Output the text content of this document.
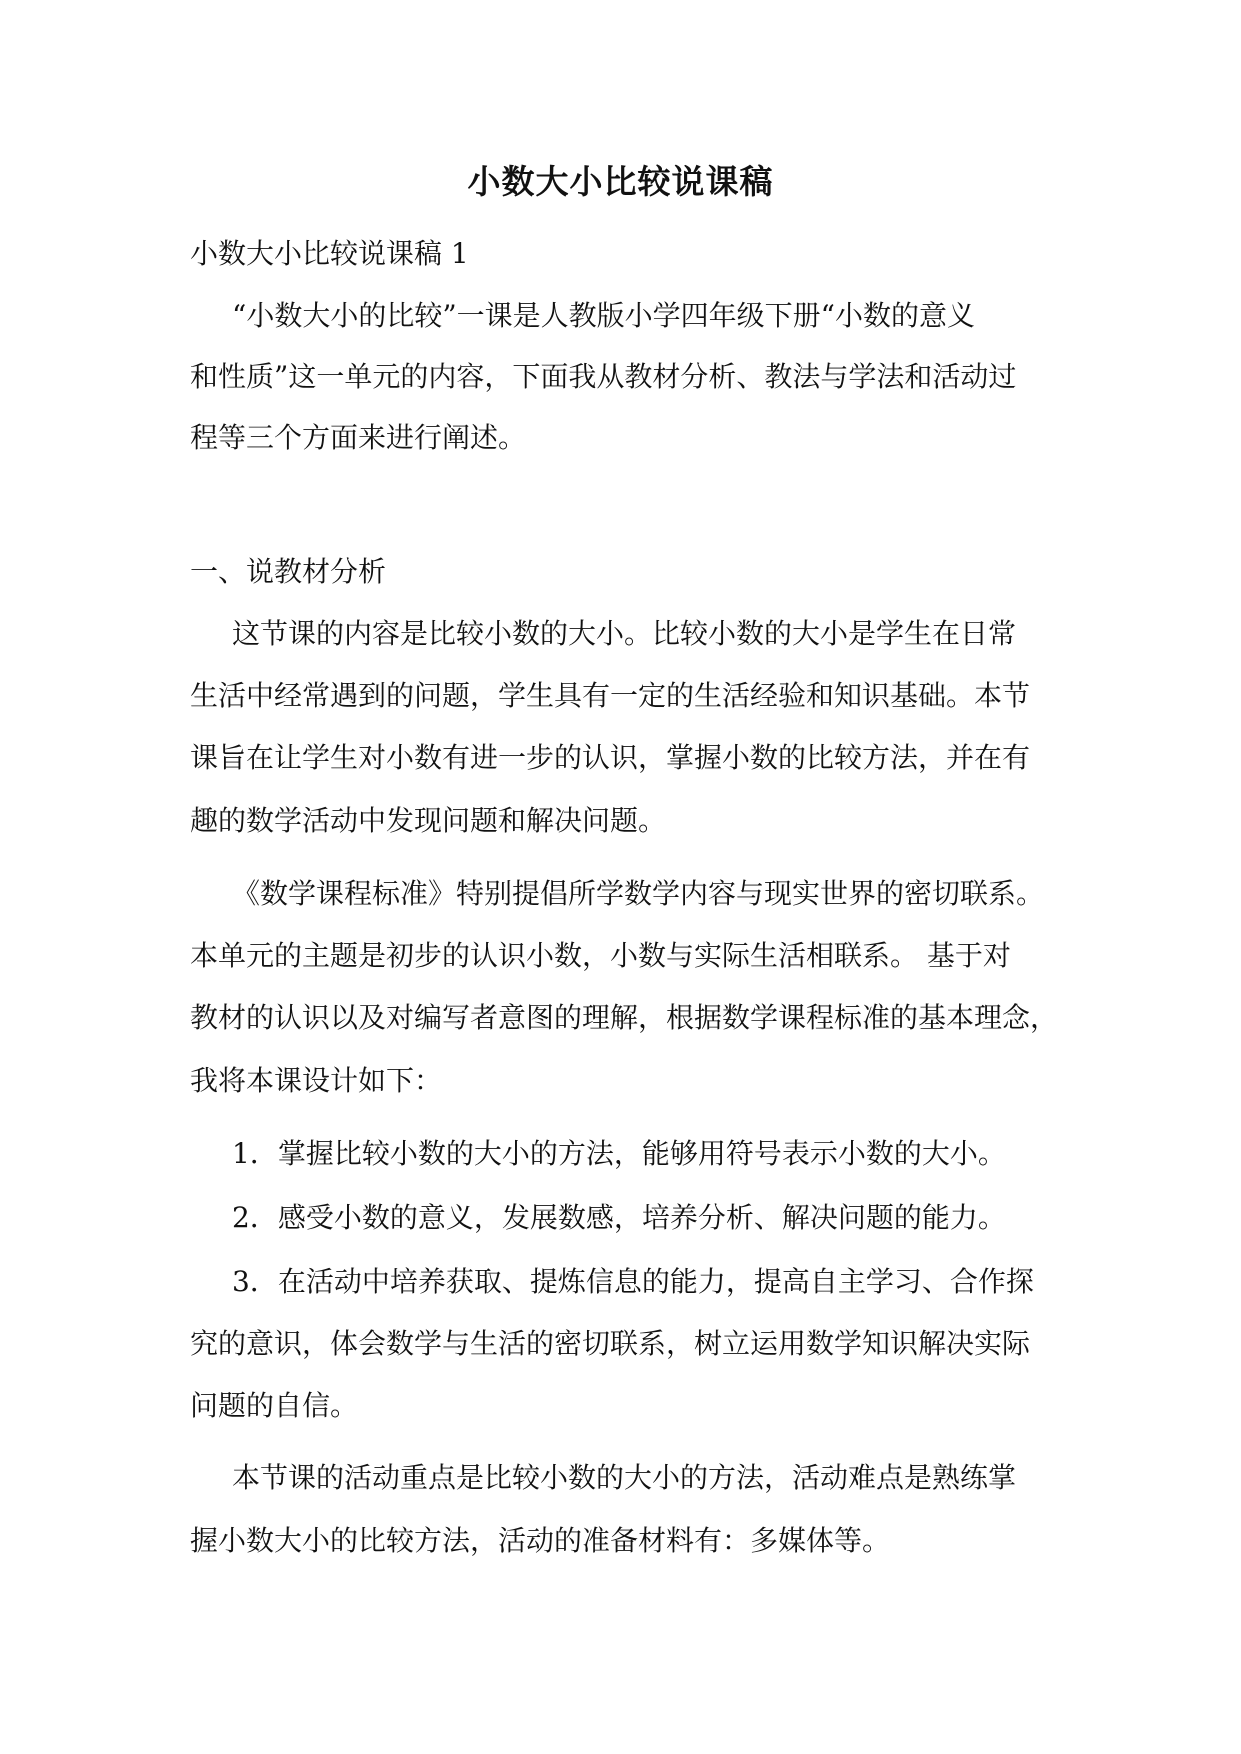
小数大小比较说课稿
小数大小比较说课稿 1
“小数大小的比较”一课是人教版小学四年级下册“小数的意义
和性质”这一单元的内容，下面我从教材分析、教法与学法和活动过
程等三个方面来进行阐述。
一、说教材分析
这节课的内容是比较小数的大小。比较小数的大小是学生在日常
生活中经常遇到的问题，学生具有一定的生活经验和知识基础。本节
课旨在让学生对小数有进一步的认识，掌握小数的比较方法，并在有
趣的数学活动中发现问题和解决问题。
《数学课程标准》特别提倡所学数学内容与现实世界的密切联系。
本单元的主题是初步的认识小数，小数与实际生活相联系。 基于对
教材的认识以及对编写者意图的理解，根据数学课程标准的基本理念，
我将本课设计如下：
1．掌握比较小数的大小的方法，能够用符号表示小数的大小。
2．感受小数的意义，发展数感，培养分析、解决问题的能力。
3．在活动中培养获取、提炼信息的能力，提高自主学习、合作探
究的意识，体会数学与生活的密切联系，树立运用数学知识解决实际
问题的自信。
本节课的活动重点是比较小数的大小的方法，活动难点是熟练掌
握小数大小的比较方法，活动的准备材料有：多媒体等。
